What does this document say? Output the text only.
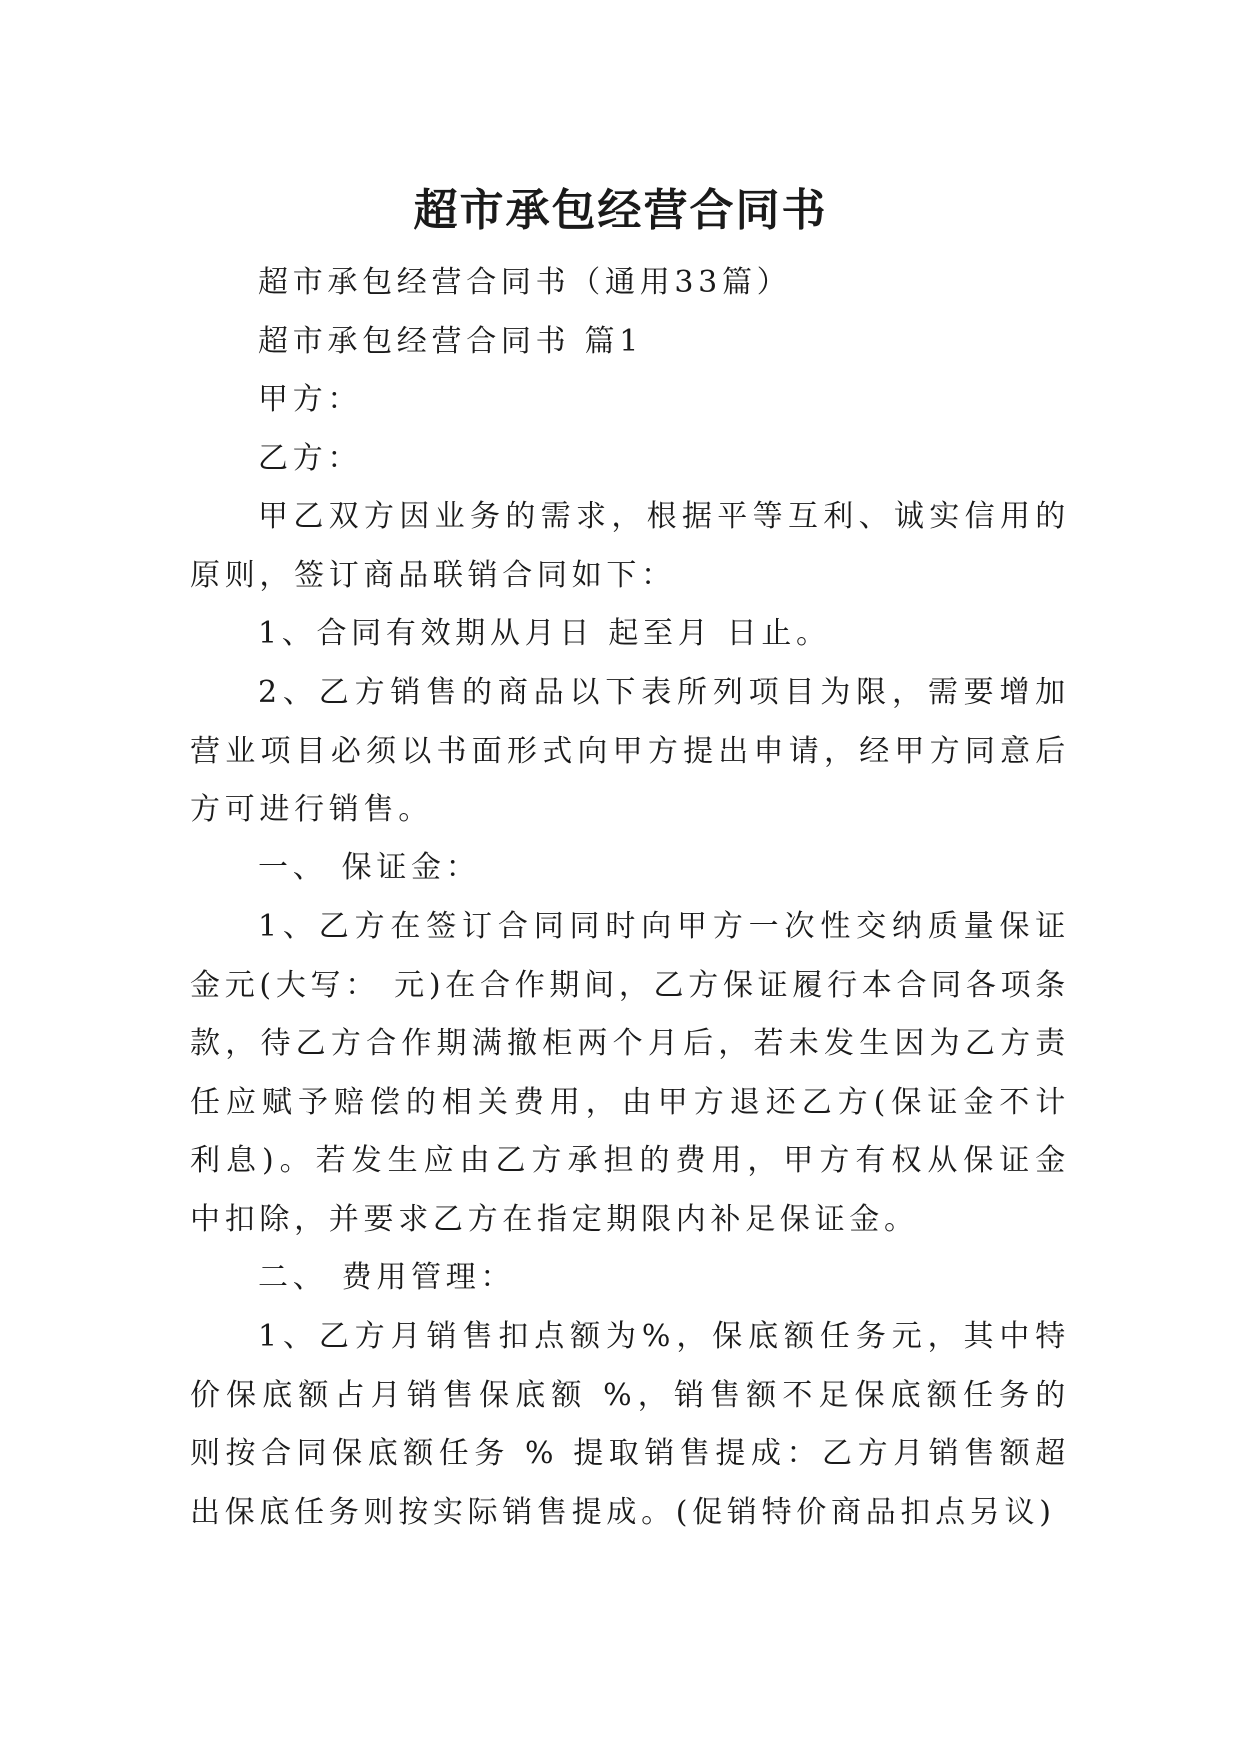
超市承包经营合同书

超市承包经营合同书（通用33篇）

超市承包经营合同书 篇1

甲方：

乙方：

甲乙双方因业务的需求，根据平等互利、诚实信用的原则，签订商品联销合同如下：

1、合同有效期从月日 起至月 日止。

2、乙方销售的商品以下表所列项目为限，需要增加营业项目必须以书面形式向甲方提出申请，经甲方同意后方可进行销售。

一、 保证金：

1、乙方在签订合同同时向甲方一次性交纳质量保证金元(大写： 元)在合作期间，乙方保证履行本合同各项条款，待乙方合作期满撤柜两个月后，若未发生因为乙方责任应赋予赔偿的相关费用，由甲方退还乙方(保证金不计利息)。若发生应由乙方承担的费用，甲方有权从保证金中扣除，并要求乙方在指定期限内补足保证金。

二、 费用管理：

1、乙方月销售扣点额为%，保底额任务元，其中特价保底额占月销售保底额 %，销售额不足保底额任务的则按合同保底额任务 % 提取销售提成：乙方月销售额超出保底任务则按实际销售提成。(促销特价商品扣点另议)
